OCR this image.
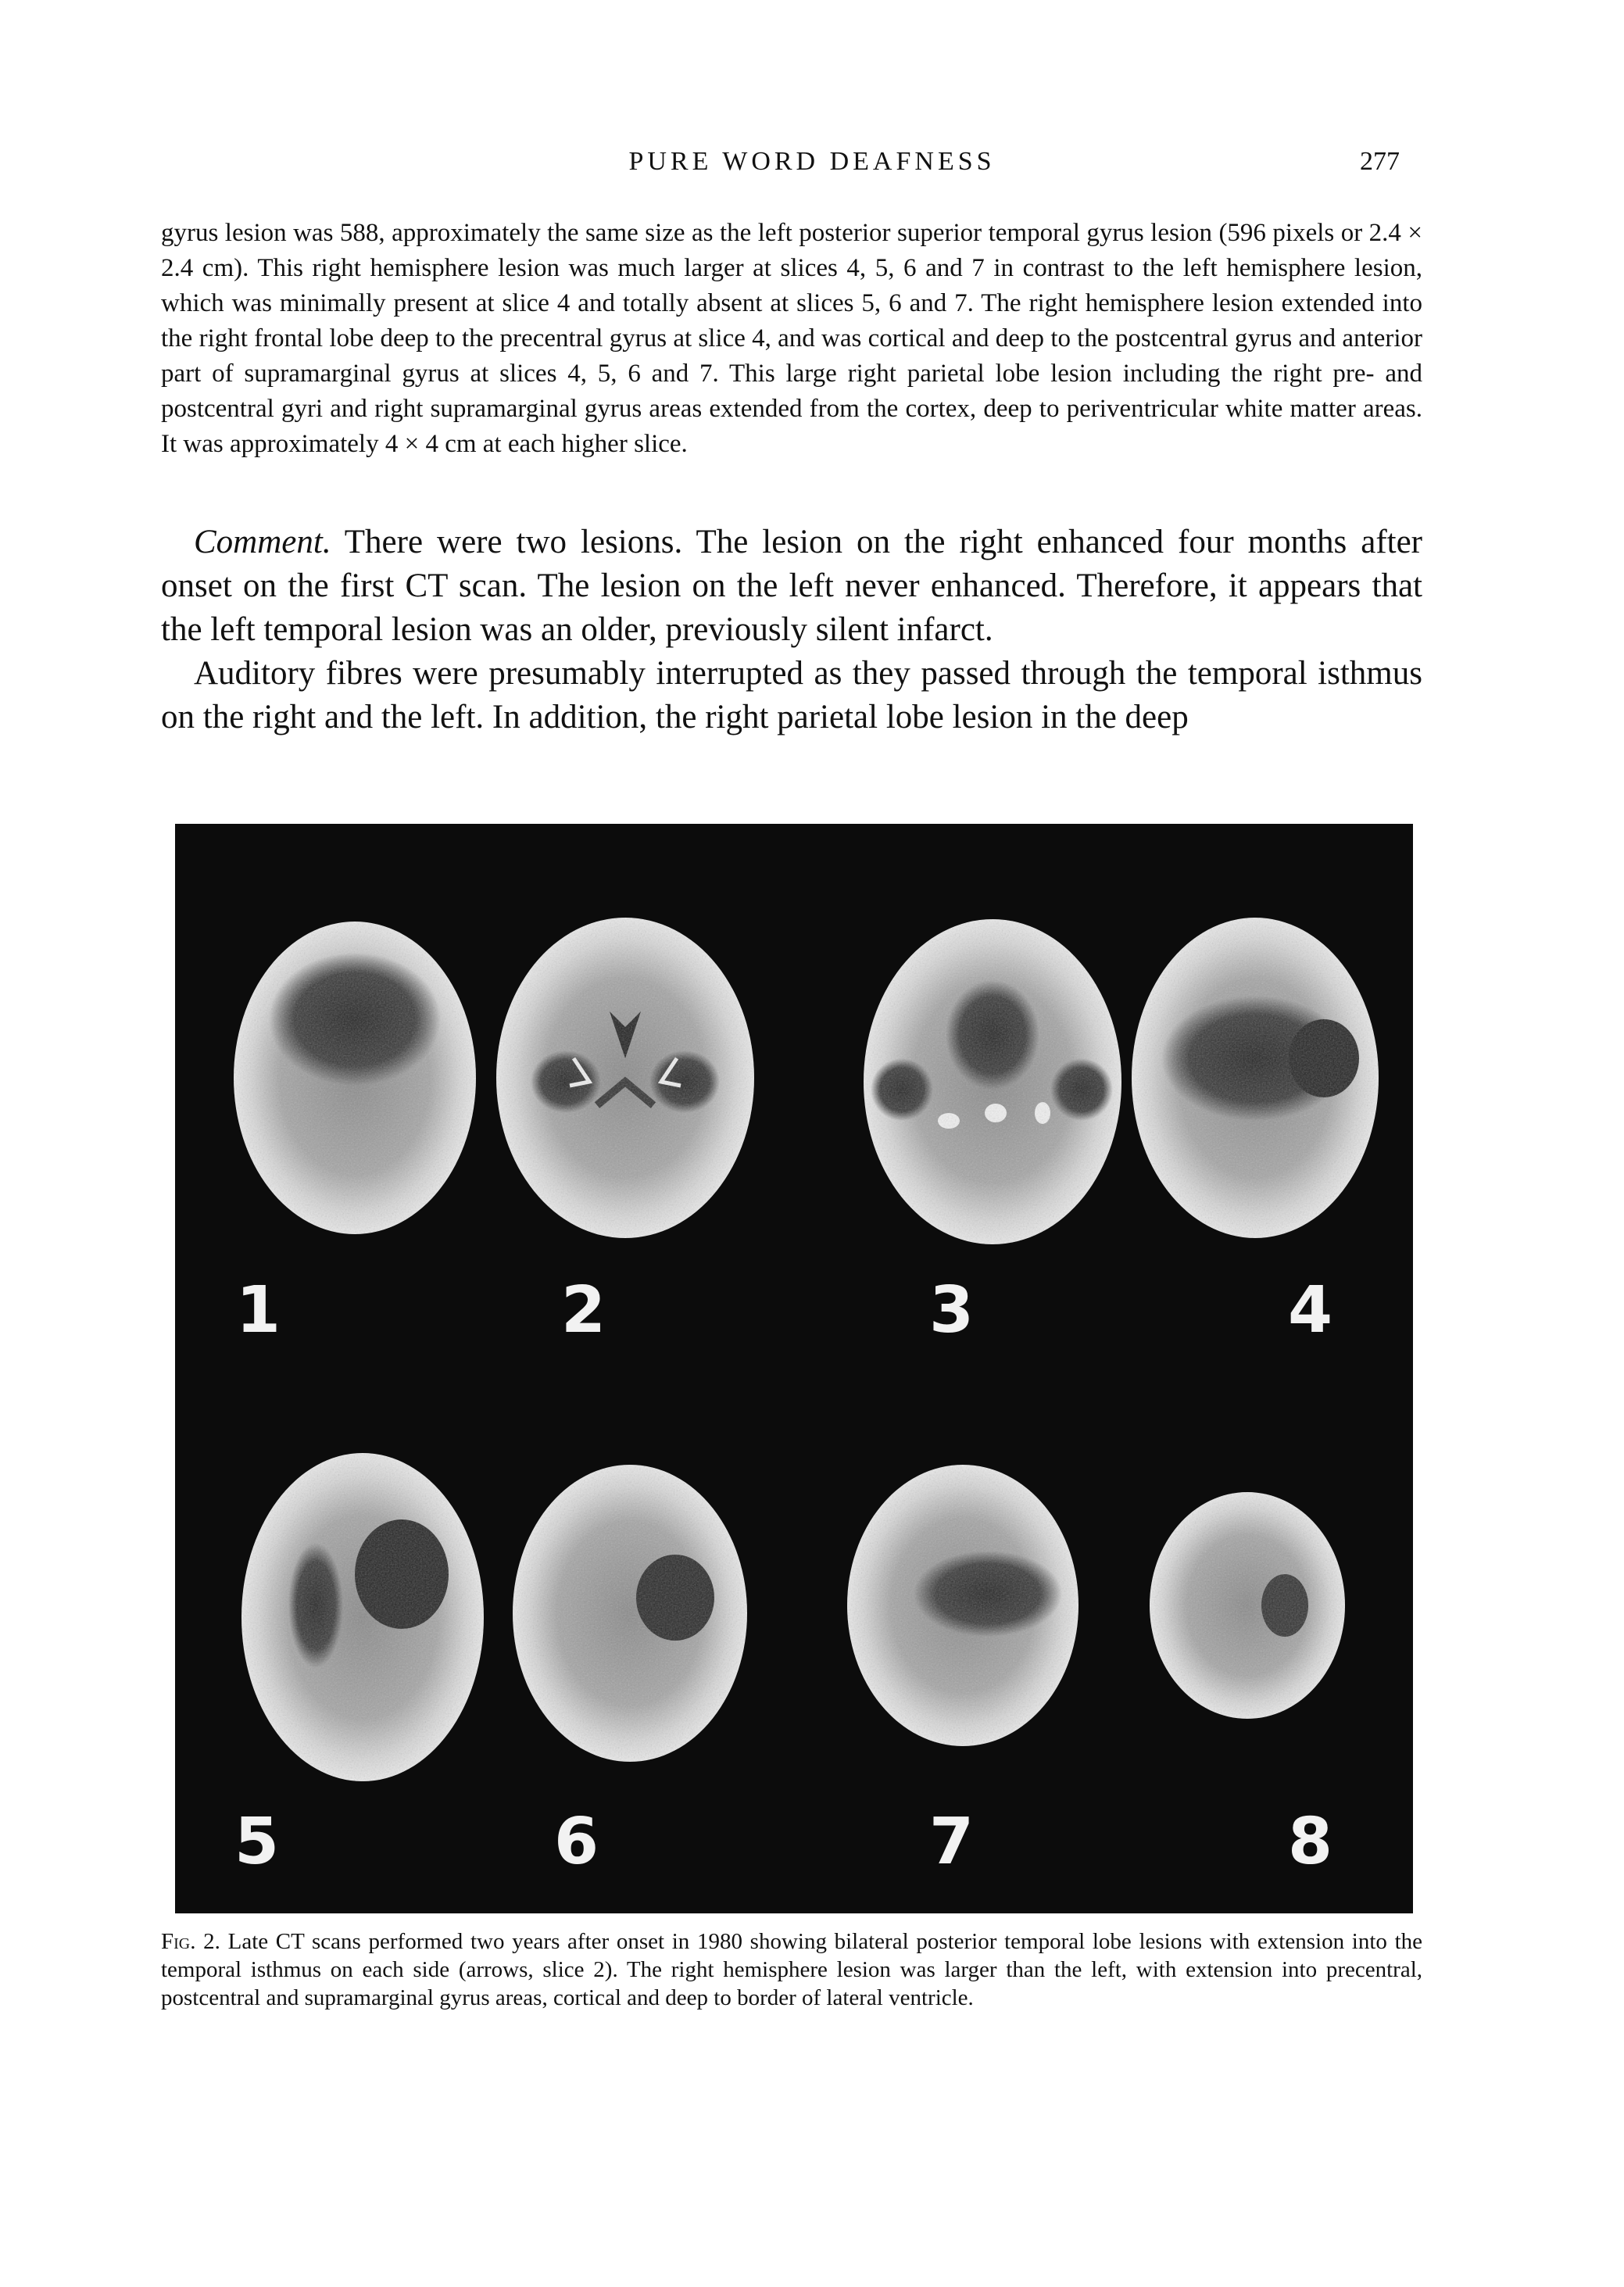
PURE WORD DEAFNESS	277

gyrus lesion was 588, approximately the same size as the left posterior superior temporal gyrus lesion (596 pixels or 2.4 × 2.4 cm). This right hemisphere lesion was much larger at slices 4, 5, 6 and 7 in contrast to the left hemisphere lesion, which was minimally present at slice 4 and totally absent at slices 5, 6 and 7. The right hemisphere lesion extended into the right frontal lobe deep to the precentral gyrus at slice 4, and was cortical and deep to the postcentral gyrus and anterior part of supramarginal gyrus at slices 4, 5, 6 and 7. This large right parietal lobe lesion including the right pre- and postcentral gyri and right supramarginal gyrus areas extended from the cortex, deep to periventricular white matter areas. It was approximately 4 × 4 cm at each higher slice.

Comment. There were two lesions. The lesion on the right enhanced four months after onset on the first CT scan. The lesion on the left never enhanced. Therefore, it appears that the left temporal lesion was an older, previously silent infarct.

Auditory fibres were presumably interrupted as they passed through the temporal isthmus on the right and the left. In addition, the right parietal lobe lesion in the deep

1	2	3	4
5	6	7	8

Fig. 2. Late CT scans performed two years after onset in 1980 showing bilateral posterior temporal lobe lesions with extension into the temporal isthmus on each side (arrows, slice 2). The right hemisphere lesion was larger than the left, with extension into precentral, postcentral and supramarginal gyrus areas, cortical and deep to border of lateral ventricle.
